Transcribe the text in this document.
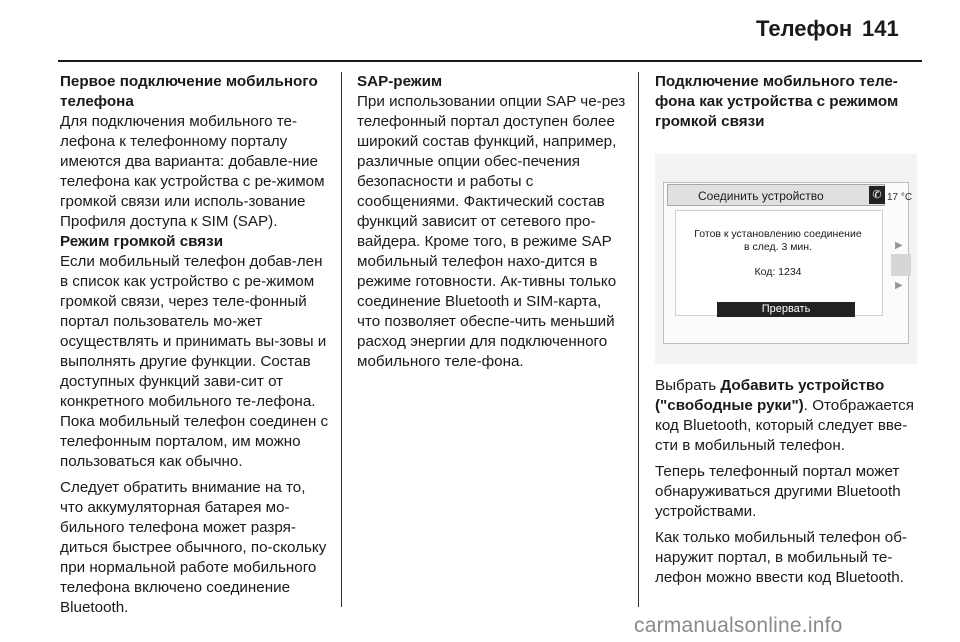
Телефон 141

Первое подключение мобильного телефона

Для подключения мобильного те-лефона к телефонному порталу имеются два варианта: добавле-ние телефона как устройства с ре-жимом громкой связи или исполь-зование Профиля доступа к SIM (SAP).

Режим громкой связи

Если мобильный телефон добав-лен в список как устройство с ре-жимом громкой связи, через теле-фонный портал пользователь мо-жет осуществлять и принимать вы-зовы и выполнять другие функции. Состав доступных функций зави-сит от конкретного мобильного те-лефона. Пока мобильный телефон соединен с телефонным порталом, им можно пользоваться как обычно.

Следует обратить внимание на то, что аккумуляторная батарея мо-бильного телефона может разря-диться быстрее обычного, по-скольку при нормальной работе мобильного телефона включено соединение Bluetooth.

SAP-режим

При использовании опции SAP че-рез телефонный портал доступен более широкий состав функций, например, различные опции обес-печения безопасности и работы с сообщениями. Фактический состав функций зависит от сетевого про-вайдера. Кроме того, в режиме SAP мобильный телефон нахо-дится в режиме готовности. Ак-тивны только соединение Bluetooth и SIM-карта, что позволяет обеспе-чить меньший расход энергии для подключенного мобильного теле-фона.

Подключение мобильного теле-фона как устройства с режимом громкой связи

Соединить устройство	✆ 17 °C
Готов к установлению соединение
в след. 3 мин.
Код: 1234
Прервать
▶
▶

Выбрать Добавить устройство ("свободные руки"). Отображается код Bluetooth, который следует вве-сти в мобильный телефон.

Теперь телефонный портал может обнаруживаться другими Bluetooth устройствами.

Как только мобильный телефон об-наружит портал, в мобильный те-лефон можно ввести код Bluetooth.

carmanualsonline.info
